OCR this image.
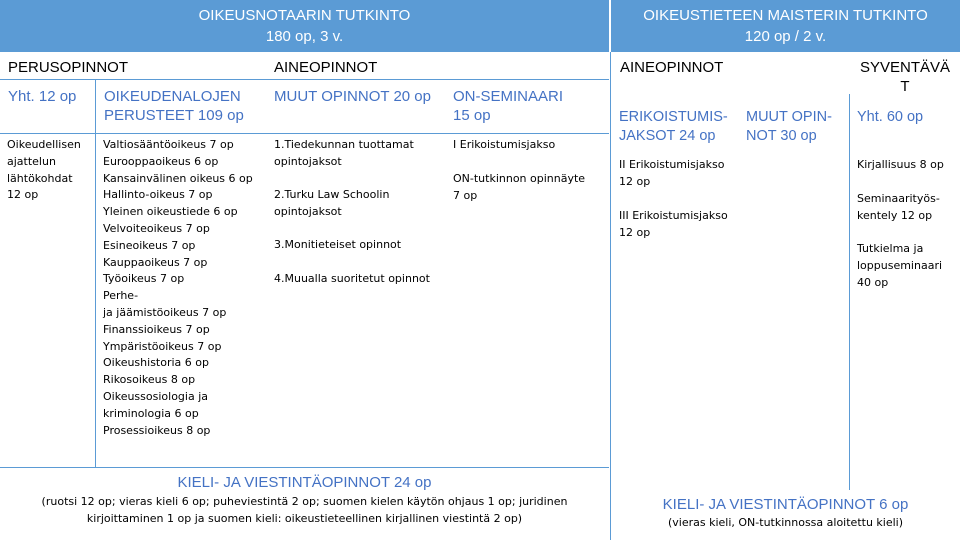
OIKEUSNOTAARIN TUTKINTO
180 op, 3 v.
OIKEUSTIETEEN MAISTERIN TUTKINTO
120 op / 2 v.
PERUSOPINNOT
Yht. 12 op
Oikeudellisen
ajattelun
lähtökohdat
12 op
AINEOPINNOT
OIKEUDENALOJEN
PERUSTEET 109 op
Valtiosääntöoikeus 7 op
Eurooppaoikeus 6 op
Kansainvälinen oikeus 6 op
Hallinto-oikeus 7 op
Yleinen oikeustiede 6 op
Velvoiteoikeus 7 op
Esineoikeus 7 op
Kauppaoikeus 7 op
Työoikeus 7 op
Perhe-
ja jäämistöoikeus 7 op
Finanssioikeus 7 op
Ympäristöoikeus 7 op
Oikeushistoria 6 op
Rikosoikeus 8 op
Oikeussosiologia ja
kriminologia 6 op
Prosessioikeus 8 op
MUUT OPINNOT 20 op
1.Tiedekunnan tuottamat
opintojaksot
2.Turku Law Schoolin
opintojaksot
3.Monitieteiset opinnot
4.Muualla suoritetut opinnot
ON-SEMINAARI
15 op
I Erikoistumisjakso
ON-tutkinnon opinnäyte
7 op
KIELI- JA VIESTINTÄOPINNOT 24 op
(ruotsi 12 op; vieras kieli 6 op; puheviestintä 2 op; suomen kielen käytön ohjaus 1 op; juridinen
kirjoittaminen 1 op ja suomen kieli: oikeustieteellinen kirjallinen viestintä 2 op)
AINEOPINNOT
ERIKOISTUMIS-
JAKSOT 24 op
II Erikoistumisjakso
12 op
III Erikoistumisjakso
12 op
MUUT OPIN-
NOT 30 op
SYVENTÄVÄ
T
Yht. 60 op
Kirjallisuus 8 op
Seminaarityös-
kentely 12 op
Tutkielma ja
loppuseminaari
40 op
KIELI- JA VIESTINTÄOPINNOT 6 op
(vieras kieli, ON-tutkinnossa aloitettu kieli)
